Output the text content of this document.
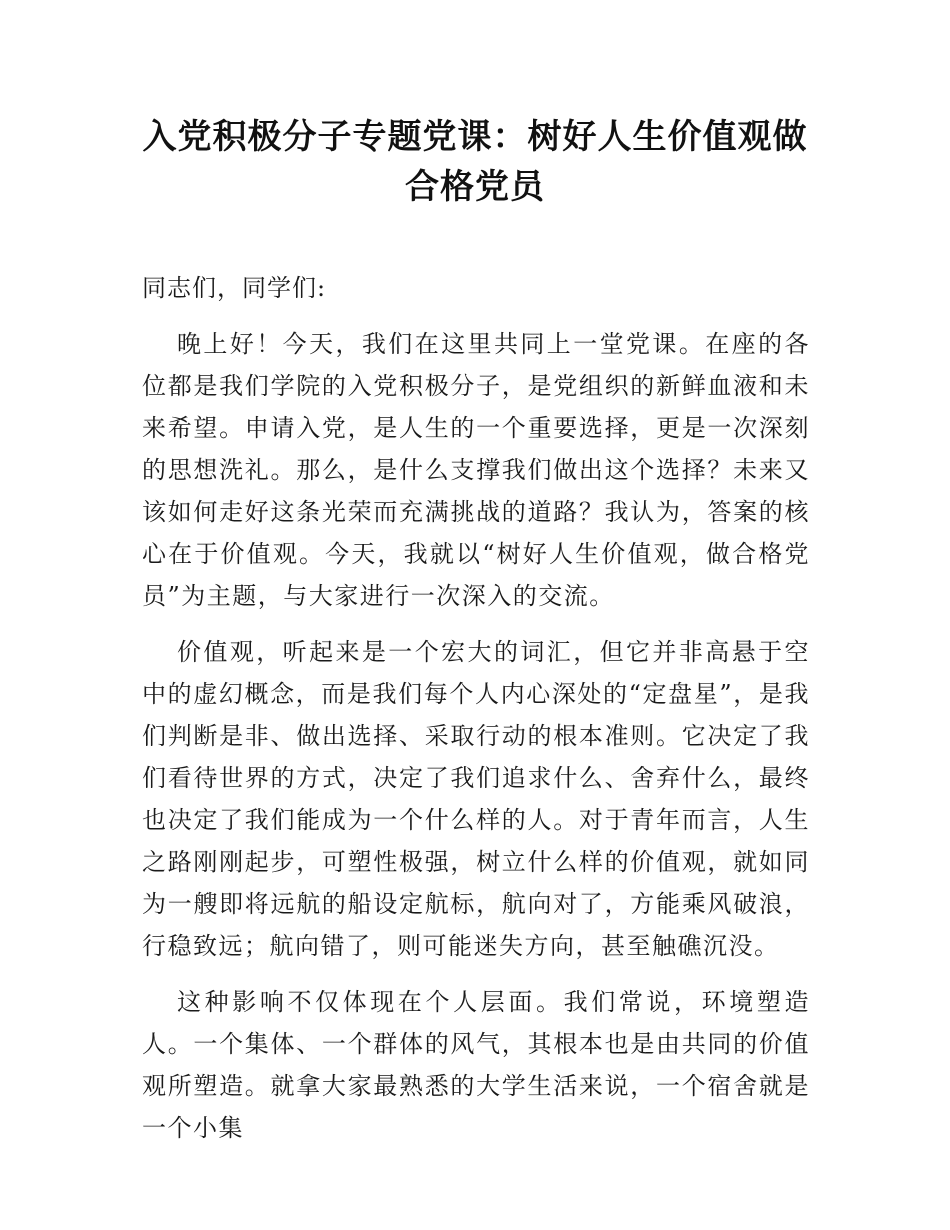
入党积极分子专题党课：树好人生价值观做合格党员

同志们，同学们:

晚上好！今天，我们在这里共同上一堂党课。在座的各位都是我们学院的入党积极分子，是党组织的新鲜血液和未来希望。申请入党，是人生的一个重要选择，更是一次深刻的思想洗礼。那么，是什么支撑我们做出这个选择？未来又该如何走好这条光荣而充满挑战的道路？我认为，答案的核心在于价值观。今天，我就以“树好人生价值观，做合格党员”为主题，与大家进行一次深入的交流。

价值观，听起来是一个宏大的词汇，但它并非高悬于空中的虚幻概念，而是我们每个人内心深处的“定盘星”，是我们判断是非、做出选择、采取行动的根本准则。它决定了我们看待世界的方式，决定了我们追求什么、舍弃什么，最终也决定了我们能成为一个什么样的人。对于青年而言，人生之路刚刚起步，可塑性极强，树立什么样的价值观，就如同为一艘即将远航的船设定航标，航向对了，方能乘风破浪，行稳致远；航向错了，则可能迷失方向，甚至触礁沉没。

这种影响不仅体现在个人层面。我们常说，环境塑造人。一个集体、一个群体的风气，其根本也是由共同的价值观所塑造。就拿大家最熟悉的大学生活来说，一个宿舍就是一个小集
